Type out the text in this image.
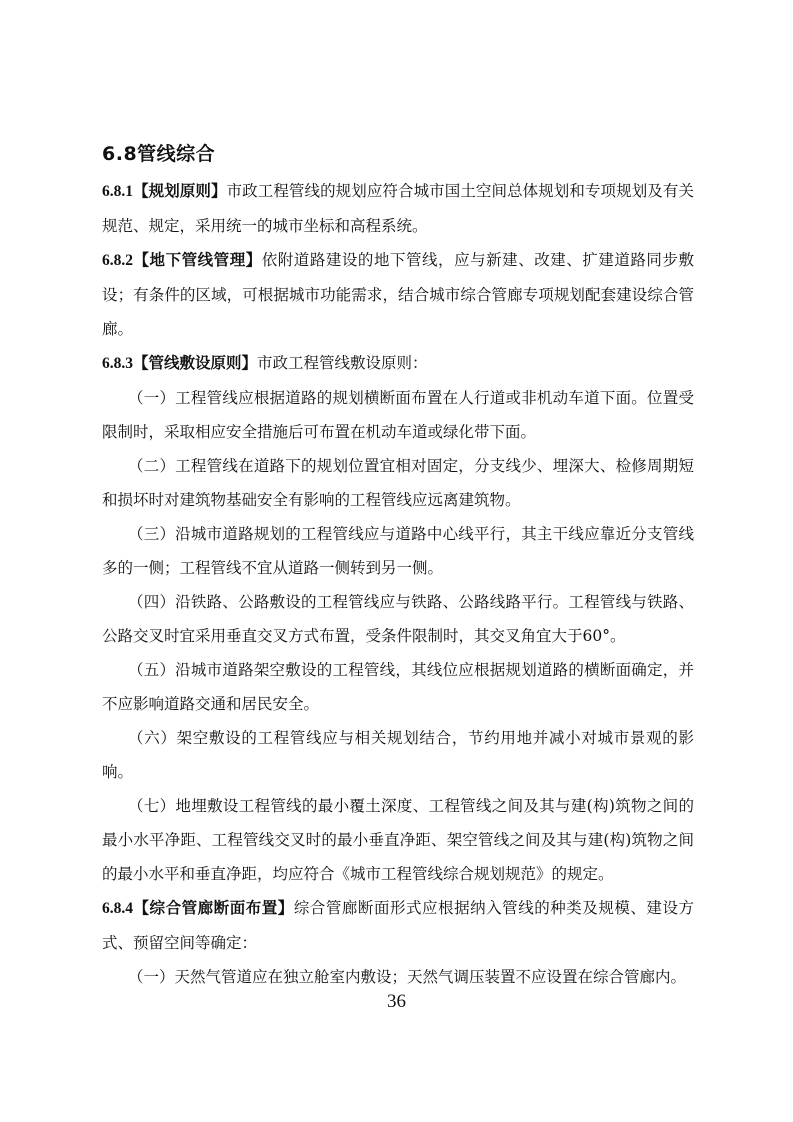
6.8管线综合

6.8.1【规划原则】市政工程管线的规划应符合城市国土空间总体规划和专项规划及有关规范、规定，采用统一的城市坐标和高程系统。

6.8.2【地下管线管理】依附道路建设的地下管线，应与新建、改建、扩建道路同步敷设；有条件的区域，可根据城市功能需求，结合城市综合管廊专项规划配套建设综合管廊。

6.8.3【管线敷设原则】市政工程管线敷设原则：

（一）工程管线应根据道路的规划横断面布置在人行道或非机动车道下面。位置受限制时，采取相应安全措施后可布置在机动车道或绿化带下面。

（二）工程管线在道路下的规划位置宜相对固定，分支线少、埋深大、检修周期短和损坏时对建筑物基础安全有影响的工程管线应远离建筑物。

（三）沿城市道路规划的工程管线应与道路中心线平行，其主干线应靠近分支管线多的一侧；工程管线不宜从道路一侧转到另一侧。

（四）沿铁路、公路敷设的工程管线应与铁路、公路线路平行。工程管线与铁路、公路交叉时宜采用垂直交叉方式布置，受条件限制时，其交叉角宜大于60°。

（五）沿城市道路架空敷设的工程管线，其线位应根据规划道路的横断面确定，并不应影响道路交通和居民安全。

（六）架空敷设的工程管线应与相关规划结合，节约用地并减小对城市景观的影响。

（七）地埋敷设工程管线的最小覆土深度、工程管线之间及其与建(构)筑物之间的最小水平净距、工程管线交叉时的最小垂直净距、架空管线之间及其与建(构)筑物之间的最小水平和垂直净距，均应符合《城市工程管线综合规划规范》的规定。

6.8.4【综合管廊断面布置】综合管廊断面形式应根据纳入管线的种类及规模、建设方式、预留空间等确定：

（一）天然气管道应在独立舱室内敷设；天然气调压装置不应设置在综合管廊内。

36
